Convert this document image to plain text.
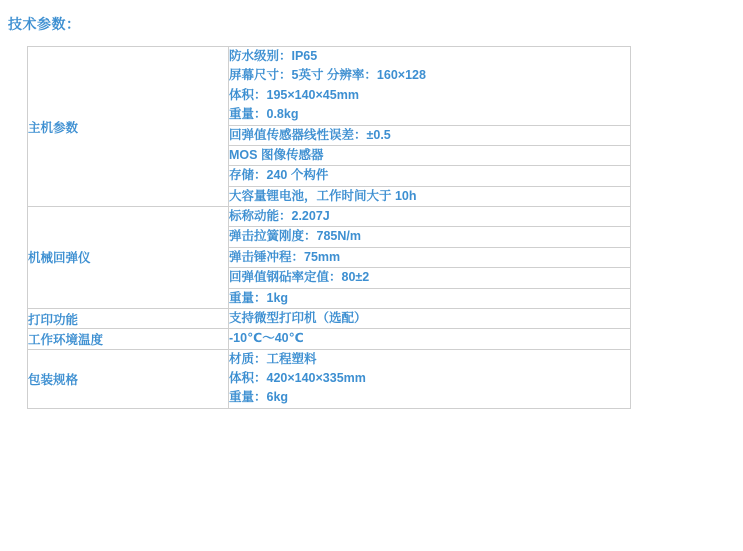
技术参数：
主机参数	防水级别：IP65
屏幕尺寸：5英寸 分辨率：160×128
体积：195×140×45mm
重量：0.8kg

	回弹值传感器线性误差：±0.5

	MOS 图像传感器

	存储：240 个构件

	大容量锂电池，工作时间大于 10h

机械回弹仪	标称动能：2.207J

	弹击拉簧刚度：785N/m

	弹击锤冲程：75mm

	回弹值钢砧率定值：80±2

	重量：1kg

打印功能	支持微型打印机（选配）

工作环境温度	-10℃～40℃

包装规格	材质：工程塑料
体积：420×140×335mm
重量：6kg
